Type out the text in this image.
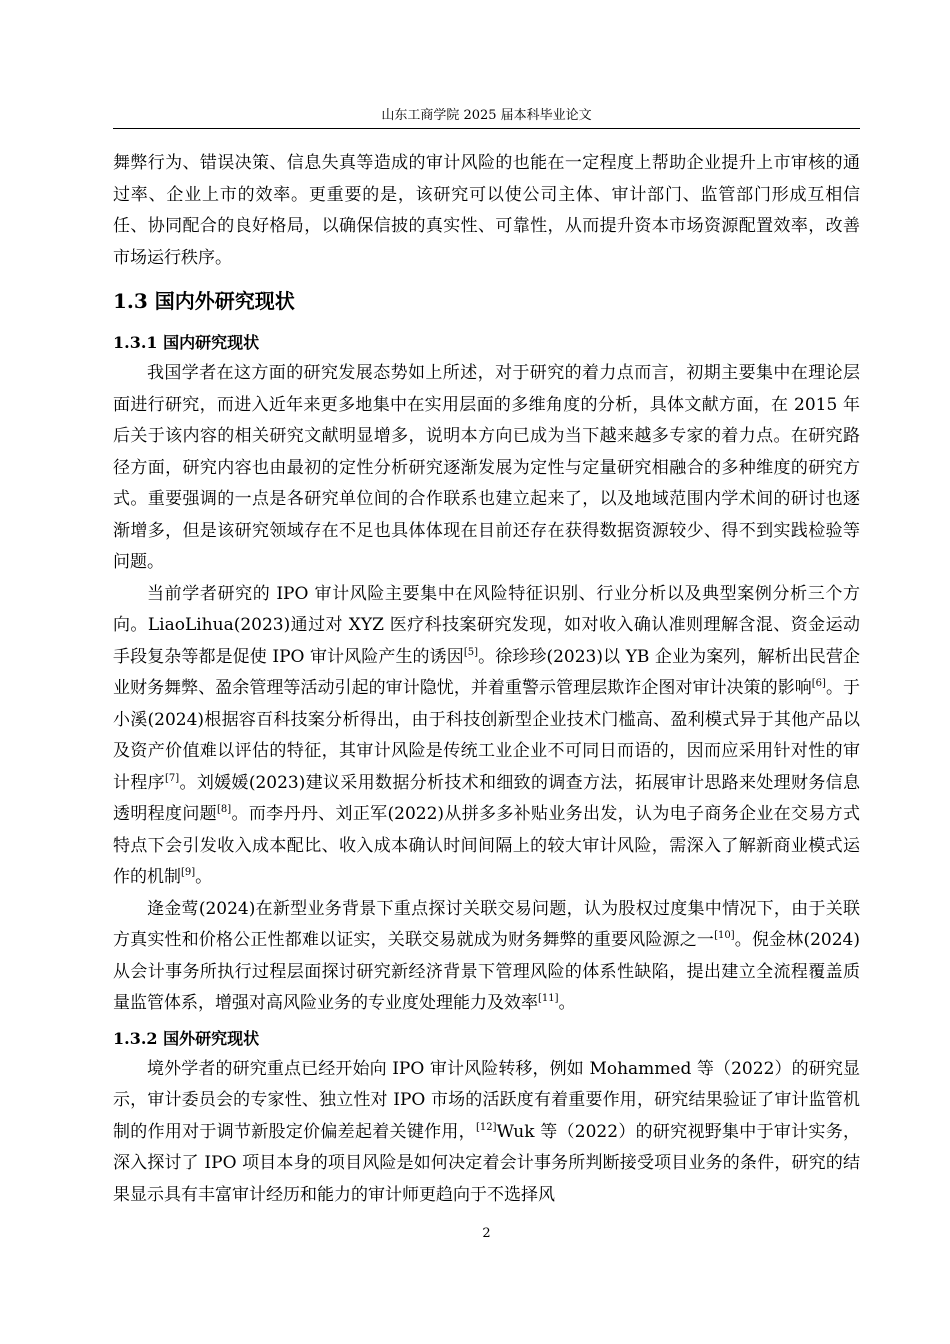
山东工商学院 2025 届本科毕业论文

舞弊行为、错误决策、信息失真等造成的审计风险的也能在一定程度上帮助企业提升上市审核的通过率、企业上市的效率。更重要的是，该研究可以使公司主体、审计部门、监管部门形成互相信任、协同配合的良好格局，以确保信披的真实性、可靠性，从而提升资本市场资源配置效率，改善市场运行秩序。

1.3 国内外研究现状
1.3.1 国内研究现状

我国学者在这方面的研究发展态势如上所述，对于研究的着力点而言，初期主要集中在理论层面进行研究，而进入近年来更多地集中在实用层面的多维角度的分析，具体文献方面，在 2015 年后关于该内容的相关研究文献明显增多，说明本方向已成为当下越来越多专家的着力点。在研究路径方面，研究内容也由最初的定性分析研究逐渐发展为定性与定量研究相融合的多种维度的研究方式。重要强调的一点是各研究单位间的合作联系也建立起来了，以及地域范围内学术间的研讨也逐渐增多，但是该研究领域存在不足也具体体现在目前还存在获得数据资源较少、得不到实践检验等问题。

当前学者研究的 IPO 审计风险主要集中在风险特征识别、行业分析以及典型案例分析三个方向。LiaoLihua(2023)通过对 XYZ 医疗科技案研究发现，如对收入确认准则理解含混、资金运动手段复杂等都是促使 IPO 审计风险产生的诱因[5]。徐珍珍(2023)以 YB 企业为案列，解析出民营企业财务舞弊、盈余管理等活动引起的审计隐忧，并着重警示管理层欺诈企图对审计决策的影响[6]。于小溪(2024)根据容百科技案分析得出，由于科技创新型企业技术门槛高、盈利模式异于其他产品以及资产价值难以评估的特征，其审计风险是传统工业企业不可同日而语的，因而应采用针对性的审计程序[7]。刘媛媛(2023)建议采用数据分析技术和细致的调查方法，拓展审计思路来处理财务信息透明程度问题[8]。而李丹丹、刘正军(2022)从拼多多补贴业务出发，认为电子商务企业在交易方式特点下会引发收入成本配比、收入成本确认时间间隔上的较大审计风险，需深入了解新商业模式运作的机制[9]。

逄金莺(2024)在新型业务背景下重点探讨关联交易问题，认为股权过度集中情况下，由于关联方真实性和价格公正性都难以证实，关联交易就成为财务舞弊的重要风险源之一[10]。倪金林(2024)从会计事务所执行过程层面探讨研究新经济背景下管理风险的体系性缺陷，提出建立全流程覆盖质量监管体系，增强对高风险业务的专业度处理能力及效率[11]。

1.3.2 国外研究现状

境外学者的研究重点已经开始向 IPO 审计风险转移，例如 Mohammed 等（2022）的研究显示，审计委员会的专家性、独立性对 IPO 市场的活跃度有着重要作用，研究结果验证了审计监管机制的作用对于调节新股定价偏差起着关键作用，[12]Wuk 等（2022）的研究视野集中于审计实务，深入探讨了 IPO 项目本身的项目风险是如何决定着会计事务所判断接受项目业务的条件，研究的结果显示具有丰富审计经历和能力的审计师更趋向于不选择风

2
